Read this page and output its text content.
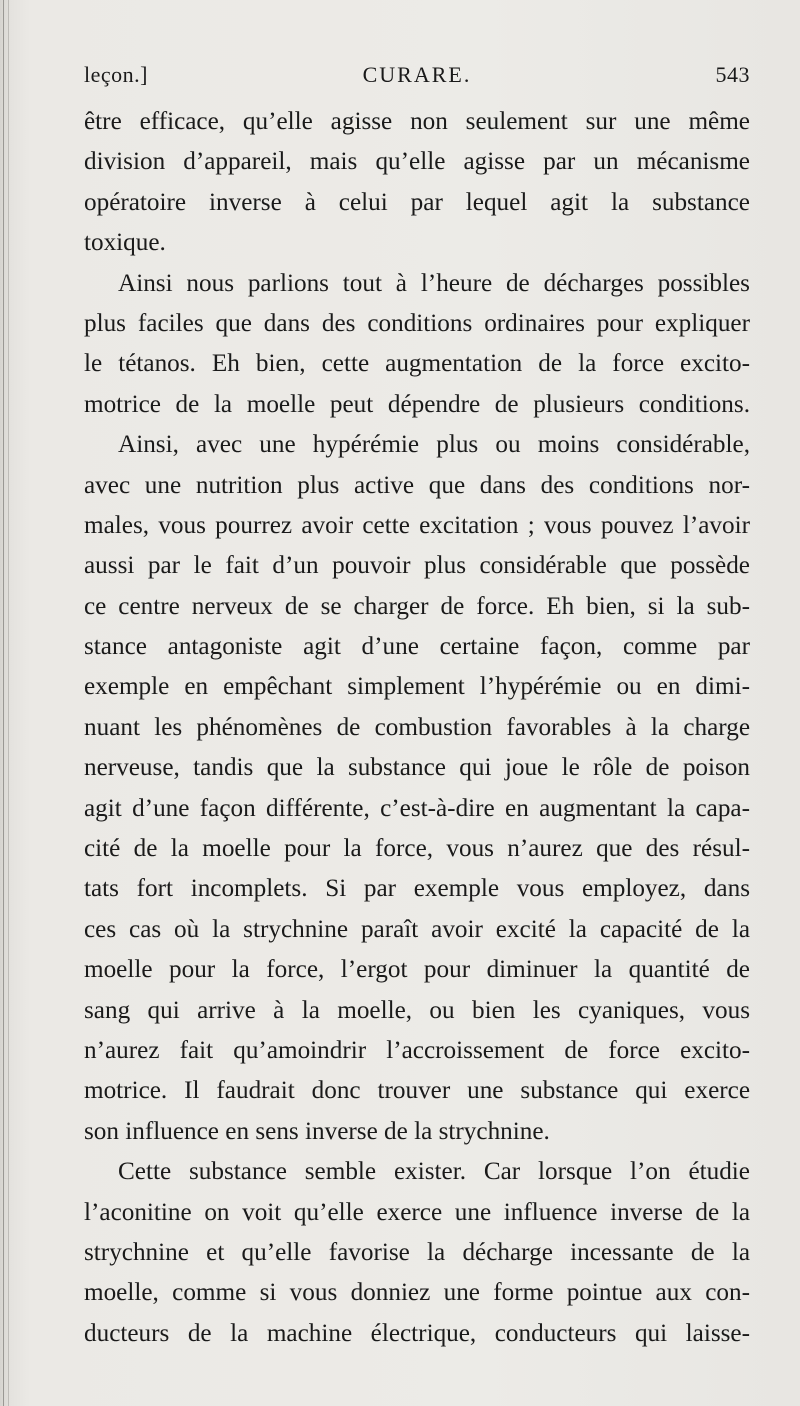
leçon.]	CURARE.	543
être efficace, qu’elle agisse non seulement sur une même
division d’appareil, mais qu’elle agisse par un mécanisme
opératoire inverse à celui par lequel agit la substance
toxique.
Ainsi nous parlions tout à l’heure de décharges possibles
plus faciles que dans des conditions ordinaires pour expliquer
le tétanos. Eh bien, cette augmentation de la force excito-
motrice de la moelle peut dépendre de plusieurs conditions.
Ainsi, avec une hypérémie plus ou moins considérable,
avec une nutrition plus active que dans des conditions nor-
males, vous pourrez avoir cette excitation ; vous pouvez l’avoir
aussi par le fait d’un pouvoir plus considérable que possède
ce centre nerveux de se charger de force. Eh bien, si la sub-
stance antagoniste agit d’une certaine façon, comme par
exemple en empêchant simplement l’hypérémie ou en dimi-
nuant les phénomènes de combustion favorables à la charge
nerveuse, tandis que la substance qui joue le rôle de poison
agit d’une façon différente, c’est-à-dire en augmentant la capa-
cité de la moelle pour la force, vous n’aurez que des résul-
tats fort incomplets. Si par exemple vous employez, dans
ces cas où la strychnine paraît avoir excité la capacité de la
moelle pour la force, l’ergot pour diminuer la quantité de
sang qui arrive à la moelle, ou bien les cyaniques, vous
n’aurez fait qu’amoindrir l’accroissement de force excito-
motrice. Il faudrait donc trouver une substance qui exerce
son influence en sens inverse de la strychnine.
Cette substance semble exister. Car lorsque l’on étudie
l’aconitine on voit qu’elle exerce une influence inverse de la
strychnine et qu’elle favorise la décharge incessante de la
moelle, comme si vous donniez une forme pointue aux con-
ducteurs de la machine électrique, conducteurs qui laisse-
